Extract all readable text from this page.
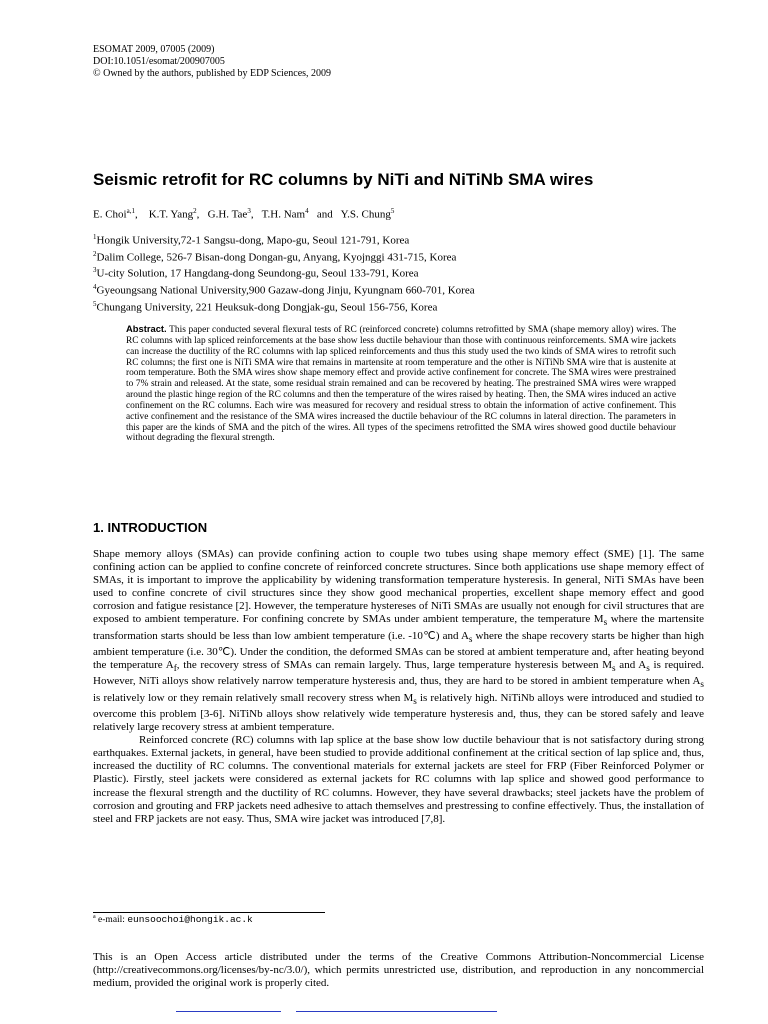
ESOMAT 2009, 07005 (2009)
DOI:10.1051/esomat/200907005
© Owned by the authors, published by EDP Sciences, 2009
Seismic retrofit for RC columns by NiTi and NiTiNb SMA wires
E. Choi$^{a,1}$,    K.T. Yang$^2$,   G.H. Tae$^3$,   T.H. Nam$^4$ and Y.S. Chung$^5$
$^1$Hongik University,72-1 Sangsu-dong, Mapo-gu, Seoul 121-791, Korea
$^2$Dalim College, 526-7 Bisan-dong Dongan-gu, Anyang, Kyojnggi 431-715, Korea
$^3$U-city Solution, 17 Hangdang-dong Seundong-gu, Seoul 133-791, Korea
$^4$Gyeoungsang National University,900 Gazaw-dong Jinju, Kyungnam 660-701, Korea
$^5$Chungang University, 221 Heuksuk-dong Dongjak-gu, Seoul 156-756, Korea
Abstract. This paper conducted several flexural tests of RC (reinforced concrete) columns retrofitted by SMA (shape memory alloy) wires. The RC columns with lap spliced reinforcements at the base show less ductile behaviour than those with continuous reinforcements. SMA wire jackets can increase the ductility of the RC columns with lap spliced reinforcements and thus this study used the two kinds of SMA wires to retrofit such RC columns; the first one is NiTi SMA wire that remains in martensite at room temperature and the other is NiTiNb SMA wire that is austenite at room temperature. Both the SMA wires show shape memory effect and provide active confinement for concrete. The SMA wires were prestrained to 7% strain and released. At the state, some residual strain remained and can be recovered by heating. The prestrained SMA wires were wrapped around the plastic hinge region of the RC columns and then the temperature of the wires raised by heating. Then, the SMA wires induced an active confinement on the RC columns. Each wire was measured for recovery and residual stress to obtain the information of active confinement. This active confinement and the resistance of the SMA wires increased the ductile behaviour of the RC columns in lateral direction. The parameters in this paper are the kinds of SMA and the pitch of the wires. All types of the specimens retrofitted the SMA wires showed good ductile behaviour without degrading the flexural strength.
1. INTRODUCTION

Shape memory alloys (SMAs) can provide confining action to couple two tubes using shape memory effect (SME) [1]. The same confining action can be applied to confine concrete of reinforced concrete structures. Since both applications use shape memory effect of SMAs, it is important to improve the applicability by widening transformation temperature hysteresis. In general, NiTi SMAs have been used to confine concrete of civil structures since they show good mechanical properties, excellent shape memory effect and good corrosion and fatigue resistance [2]. However, the temperature hystereses of NiTi SMAs are usually not enough for civil structures that are exposed to ambient temperature. For confining concrete by SMAs under ambient temperature, the temperature $M_s$ where the martensite transformation starts should be less than low ambient temperature (i.e. -10℃) and $A_s$ where the shape recovery starts be higher than high ambient temperature (i.e. 30℃). Under the condition, the deformed SMAs can be stored at ambient temperature and, after heating beyond the temperature $A_f$, the recovery stress of SMAs can remain largely. Thus, large temperature hysteresis between $M_s$ and $A_s$ is required. However, NiTi alloys show relatively narrow temperature hysteresis and, thus, they are hard to be stored in ambient temperature when $A_s$ is relatively low or they remain relatively small recovery stress when $M_s$ is relatively high. NiTiNb alloys were introduced and studied to overcome this problem [3-6]. NiTiNb alloys show relatively wide temperature hysteresis and, thus, they can be stored safely and leave relatively large recovery stress at ambient temperature.

Reinforced concrete (RC) columns with lap splice at the base show low ductile behaviour that is not satisfactory during strong earthquakes. External jackets, in general, have been studied to provide additional confinement at the critical section of lap splice and, thus, increased the ductility of RC columns. The conventional materials for external jackets are steel for FRP (Fiber Reinforced Polymer or Plastic). Firstly, steel jackets were considered as external jackets for RC columns with lap splice and showed good performance to increase the flexural strength and the ductility of RC columns. However, they have several drawbacks; steel jackets have the problem of corrosion and grouting and FRP jackets need adhesive to attach themselves and prestressing to confine effectively. Thus, the installation of steel and FRP jackets are not easy. Thus, SMA wire jacket was introduced [7,8].

$^a$ e-mail: eunsoochoi@hongik.ac.k
This is an Open Access article distributed under the terms of the Creative Commons Attribution-Noncommercial License (http://creativecommons.org/licenses/by-nc/3.0/), which permits unrestricted use, distribution, and reproduction in any noncommercial medium, provided the original work is properly cited.
